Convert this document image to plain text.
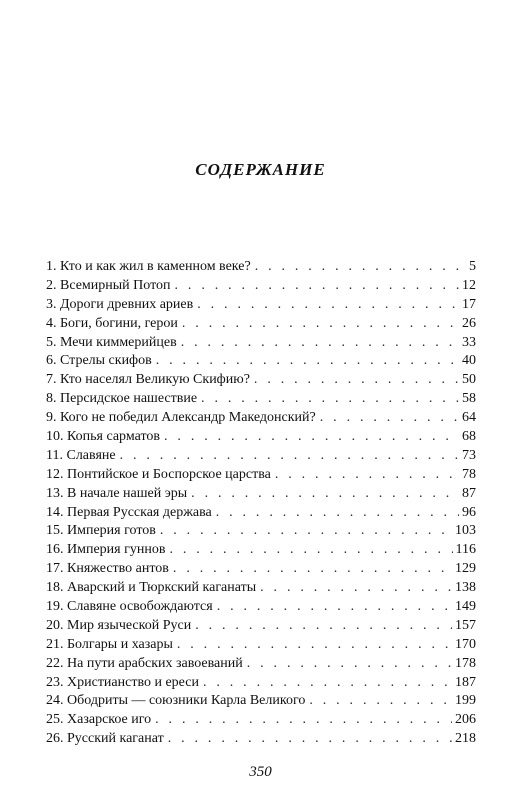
СОДЕРЖАНИЕ
1. Кто и как жил в каменном веке? . . .	5
2. Всемирный Потоп . . .	12
3. Дороги древних ариев . . .	17
4. Боги, богини, герои . . .	26
5. Мечи киммерийцев . . .	33
6. Стрелы скифов . . .	40
7. Кто населял Великую Скифию? . . .	50
8. Персидское нашествие . . .	58
9. Кого не победил Александр Македонский? . . .	64
10. Копья сарматов . . .	68
11. Славяне . . .	73
12. Понтийское и Боспорское царства . . .	78
13. В начале нашей эры . . .	87
14. Первая Русская держава . . .	96
15. Империя готов . . .	103
16. Империя гуннов . . .	116
17. Княжество антов . . .	129
18. Аварский и Тюркский каганаты . . .	138
19. Славяне освобождаются . . .	149
20. Мир языческой Руси . . .	157
21. Болгары и хазары . . .	170
22. На пути арабских завоеваний . . .	178
23. Христианство и ереси . . .	187
24. Ободриты — союзники Карла Великого . . .	199
25. Хазарское иго . . .	206
26. Русский каганат . . .	218
350
